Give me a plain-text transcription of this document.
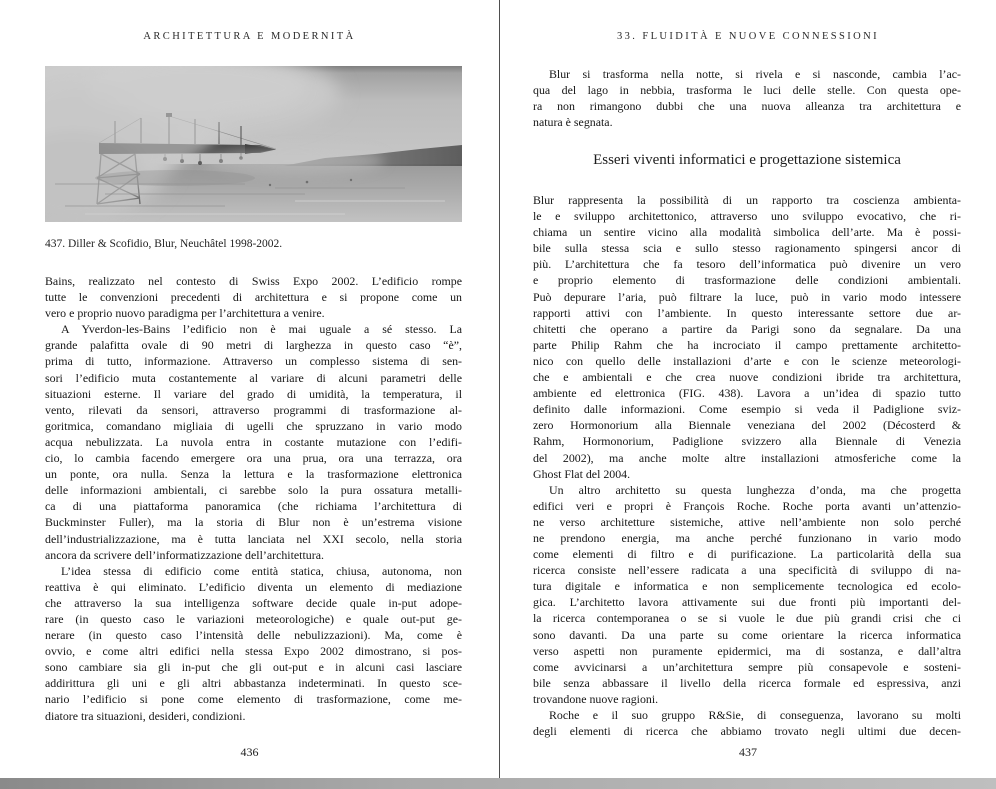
ARCHITETTURA E MODERNITÀ
437. Diller & Scofidio, Blur, Neuchâtel 1998-2002.
Bains, realizzato nel contesto di Swiss Expo 2002. L’edificio rompe
tutte le convenzioni precedenti di architettura e si propone come un
vero e proprio nuovo paradigma per l’architettura a venire.
A Yverdon-les-Bains l’edificio non è mai uguale a sé stesso. La
grande palafitta ovale di 90 metri di larghezza in questo caso “è”,
prima di tutto, informazione. Attraverso un complesso sistema di sen-
sori l’edificio muta costantemente al variare di alcuni parametri delle
situazioni esterne. Il variare del grado di umidità, la temperatura, il
vento, rilevati da sensori, attraverso programmi di trasformazione al-
goritmica, comandano migliaia di ugelli che spruzzano in vario modo
acqua nebulizzata. La nuvola entra in costante mutazione con l’edifi-
cio, lo cambia facendo emergere ora una prua, ora una terrazza, ora
un ponte, ora nulla. Senza la lettura e la trasformazione elettronica
delle informazioni ambientali, ci sarebbe solo la pura ossatura metalli-
ca di una piattaforma panoramica (che richiama l’architettura di
Buckminster Fuller), ma la storia di Blur non è un’estrema visione
dell’industrializzazione, ma è tutta lanciata nel XXI secolo, nella storia
ancora da scrivere dell’informatizzazione dell’architettura.
L’idea stessa di edificio come entità statica, chiusa, autonoma, non
reattiva è qui eliminato. L’edificio diventa un elemento di mediazione
che attraverso la sua intelligenza software decide quale in-put adope-
rare (in questo caso le variazioni meteorologiche) e quale out-put ge-
nerare (in questo caso l’intensità delle nebulizzazioni). Ma, come è
ovvio, e come altri edifici nella stessa Expo 2002 dimostrano, si pos-
sono cambiare sia gli in-put che gli out-put e in alcuni casi lasciare
addirittura gli uni e gli altri abbastanza indeterminati. In questo sce-
nario l’edificio si pone come elemento di trasformazione, come me-
diatore tra situazioni, desideri, condizioni.
436
33. FLUIDITÀ E NUOVE CONNESSIONI
Blur si trasforma nella notte, si rivela e si nasconde, cambia l’ac-
qua del lago in nebbia, trasforma le luci delle stelle. Con questa ope-
ra non rimangono dubbi che una nuova alleanza tra architettura e
natura è segnata.
Esseri viventi informatici e progettazione sistemica
Blur rappresenta la possibilità di un rapporto tra coscienza ambienta-
le e sviluppo architettonico, attraverso uno sviluppo evocativo, che ri-
chiama un sentire vicino alla modalità simbolica dell’arte. Ma è possi-
bile sulla stessa scia e sullo stesso ragionamento spingersi ancor di
più. L’architettura che fa tesoro dell’informatica può divenire un vero
e proprio elemento di trasformazione delle condizioni ambientali.
Può depurare l’aria, può filtrare la luce, può in vario modo intessere
rapporti attivi con l’ambiente. In questo interessante settore due ar-
chitetti che operano a partire da Parigi sono da segnalare. Da una
parte Philip Rahm che ha incrociato il campo prettamente architetto-
nico con quello delle installazioni d’arte e con le scienze meteorologi-
che e ambientali e che crea nuove condizioni ibride tra architettura,
ambiente ed elettronica (FIG. 438). Lavora a un’idea di spazio tutto
definito dalle informazioni. Come esempio si veda il Padiglione sviz-
zero Hormonorium alla Biennale veneziana del 2002 (Décosterd &
Rahm, Hormonorium, Padiglione svizzero alla Biennale di Venezia
del 2002), ma anche molte altre installazioni atmosferiche come la
Ghost Flat del 2004.
Un altro architetto su questa lunghezza d’onda, ma che progetta
edifici veri e propri è François Roche. Roche porta avanti un’attenzio-
ne verso architetture sistemiche, attive nell’ambiente non solo perché
ne prendono energia, ma anche perché funzionano in vario modo
come elementi di filtro e di purificazione. La particolarità della sua
ricerca consiste nell’essere radicata a una specificità di sviluppo di na-
tura digitale e informatica e non semplicemente tecnologica ed ecolo-
gica. L’architetto lavora attivamente sui due fronti più importanti del-
la ricerca contemporanea o se si vuole le due più grandi crisi che ci
sono davanti. Da una parte su come orientare la ricerca informatica
verso aspetti non puramente epidermici, ma di sostanza, e dall’altra
come avvicinarsi a un’architettura sempre più consapevole e sosteni-
bile senza abbassare il livello della ricerca formale ed espressiva, anzi
trovandone nuove ragioni.
Roche e il suo gruppo R&Sie, di conseguenza, lavorano su molti
degli elementi di ricerca che abbiamo trovato negli ultimi due decen-
437
